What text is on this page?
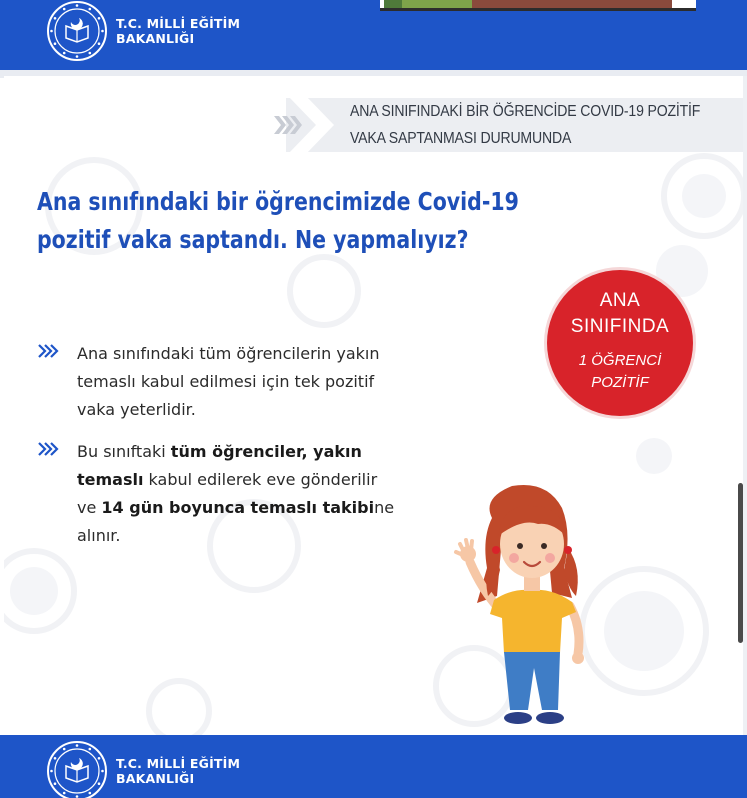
T.C. MİLLİ EĞİTİM
BAKANLIĞI
ANA SINIFINDAKİ BİR ÖĞRENCİDE COVID-19 POZİTİF
VAKA SAPTANMASI DURUMUNDA
Ana sınıfındaki bir öğrencimizde Covid-19
pozitif vaka saptandı. Ne yapmalıyız?
ANA
SINIFINDA
1 ÖĞRENCİ
POZİTİF
Ana sınıfındaki tüm öğrencilerin yakın
temaslı kabul edilmesi için tek pozitif
vaka yeterlidir.
Bu sınıftaki tüm öğrenciler, yakın
temaslı kabul edilerek eve gönderilir
ve 14 gün boyunca temaslı takibine
alınır.
T.C. MİLLİ EĞİTİM
BAKANLIĞI
